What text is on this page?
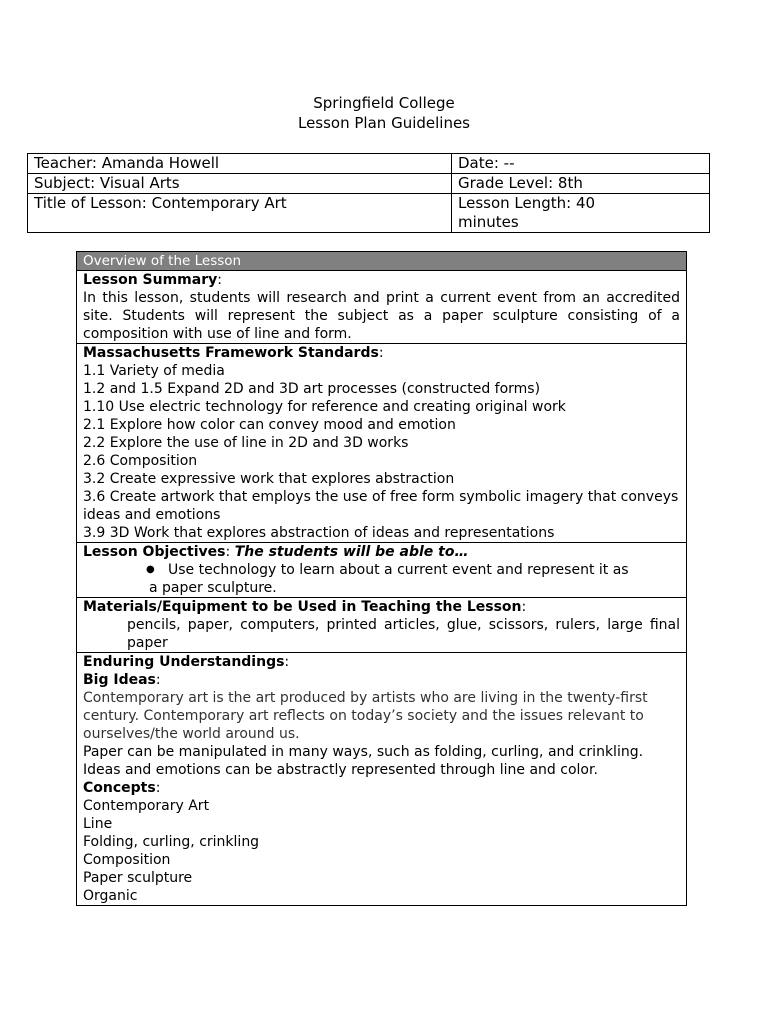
Springfield College
Lesson Plan Guidelines
Teacher: Amanda Howell	Date: --
Subject: Visual Arts	Grade Level: 8th
Title of Lesson: Contemporary Art	Lesson Length: 40
minutes
Overview of the Lesson
Lesson Summary:
In this lesson, students will research and print a current event from an accredited site. Students will represent the subject as a paper sculpture consisting of a composition with use of line and form.
Massachusetts Framework Standards:
1.1 Variety of media
1.2 and 1.5 Expand 2D and 3D art processes (constructed forms)
1.10 Use electric technology for reference and creating original work
2.1 Explore how color can convey mood and emotion
2.2 Explore the use of line in 2D and 3D works
2.6 Composition
3.2 Create expressive work that explores abstraction
3.6 Create artwork that employs the use of free form symbolic imagery that conveys ideas and emotions
3.9 3D Work that explores abstraction of ideas and representations
Lesson Objectives: The students will be able to…
● Use technology to learn about a current event and represent it as
a paper sculpture.
Materials/Equipment to be Used in Teaching the Lesson:
pencils, paper, computers, printed articles, glue, scissors, rulers, large final paper
Enduring Understandings:
Big Ideas:
Contemporary art is the art produced by artists who are living in the twenty-first century. Contemporary art reflects on today’s society and the issues relevant to ourselves/the world around us.
Paper can be manipulated in many ways, such as folding, curling, and crinkling.
Ideas and emotions can be abstractly represented through line and color.
Concepts:
Contemporary Art
Line
Folding, curling, crinkling
Composition
Paper sculpture
Organic
